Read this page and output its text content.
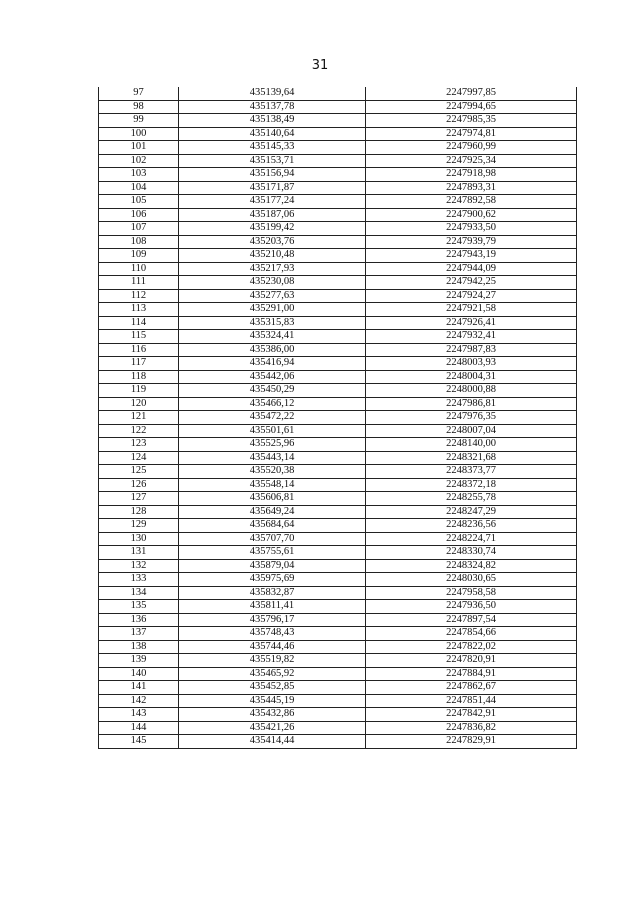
31
97	435139,64	2247997,85
98	435137,78	2247994,65
99	435138,49	2247985,35
100	435140,64	2247974,81
101	435145,33	2247960,99
102	435153,71	2247925,34
103	435156,94	2247918,98
104	435171,87	2247893,31
105	435177,24	2247892,58
106	435187,06	2247900,62
107	435199,42	2247933,50
108	435203,76	2247939,79
109	435210,48	2247943,19
110	435217,93	2247944,09
111	435230,08	2247942,25
112	435277,63	2247924,27
113	435291,00	2247921,58
114	435315,83	2247926,41
115	435324,41	2247932,41
116	435386,00	2247987,83
117	435416,94	2248003,93
118	435442,06	2248004,31
119	435450,29	2248000,88
120	435466,12	2247986,81
121	435472,22	2247976,35
122	435501,61	2248007,04
123	435525,96	2248140,00
124	435443,14	2248321,68
125	435520,38	2248373,77
126	435548,14	2248372,18
127	435606,81	2248255,78
128	435649,24	2248247,29
129	435684,64	2248236,56
130	435707,70	2248224,71
131	435755,61	2248330,74
132	435879,04	2248324,82
133	435975,69	2248030,65
134	435832,87	2247958,58
135	435811,41	2247936,50
136	435796,17	2247897,54
137	435748,43	2247854,66
138	435744,46	2247822,02
139	435519,82	2247820,91
140	435465,92	2247884,91
141	435452,85	2247862,67
142	435445,19	2247851,44
143	435432,86	2247842,91
144	435421,26	2247836,82
145	435414,44	2247829,91
